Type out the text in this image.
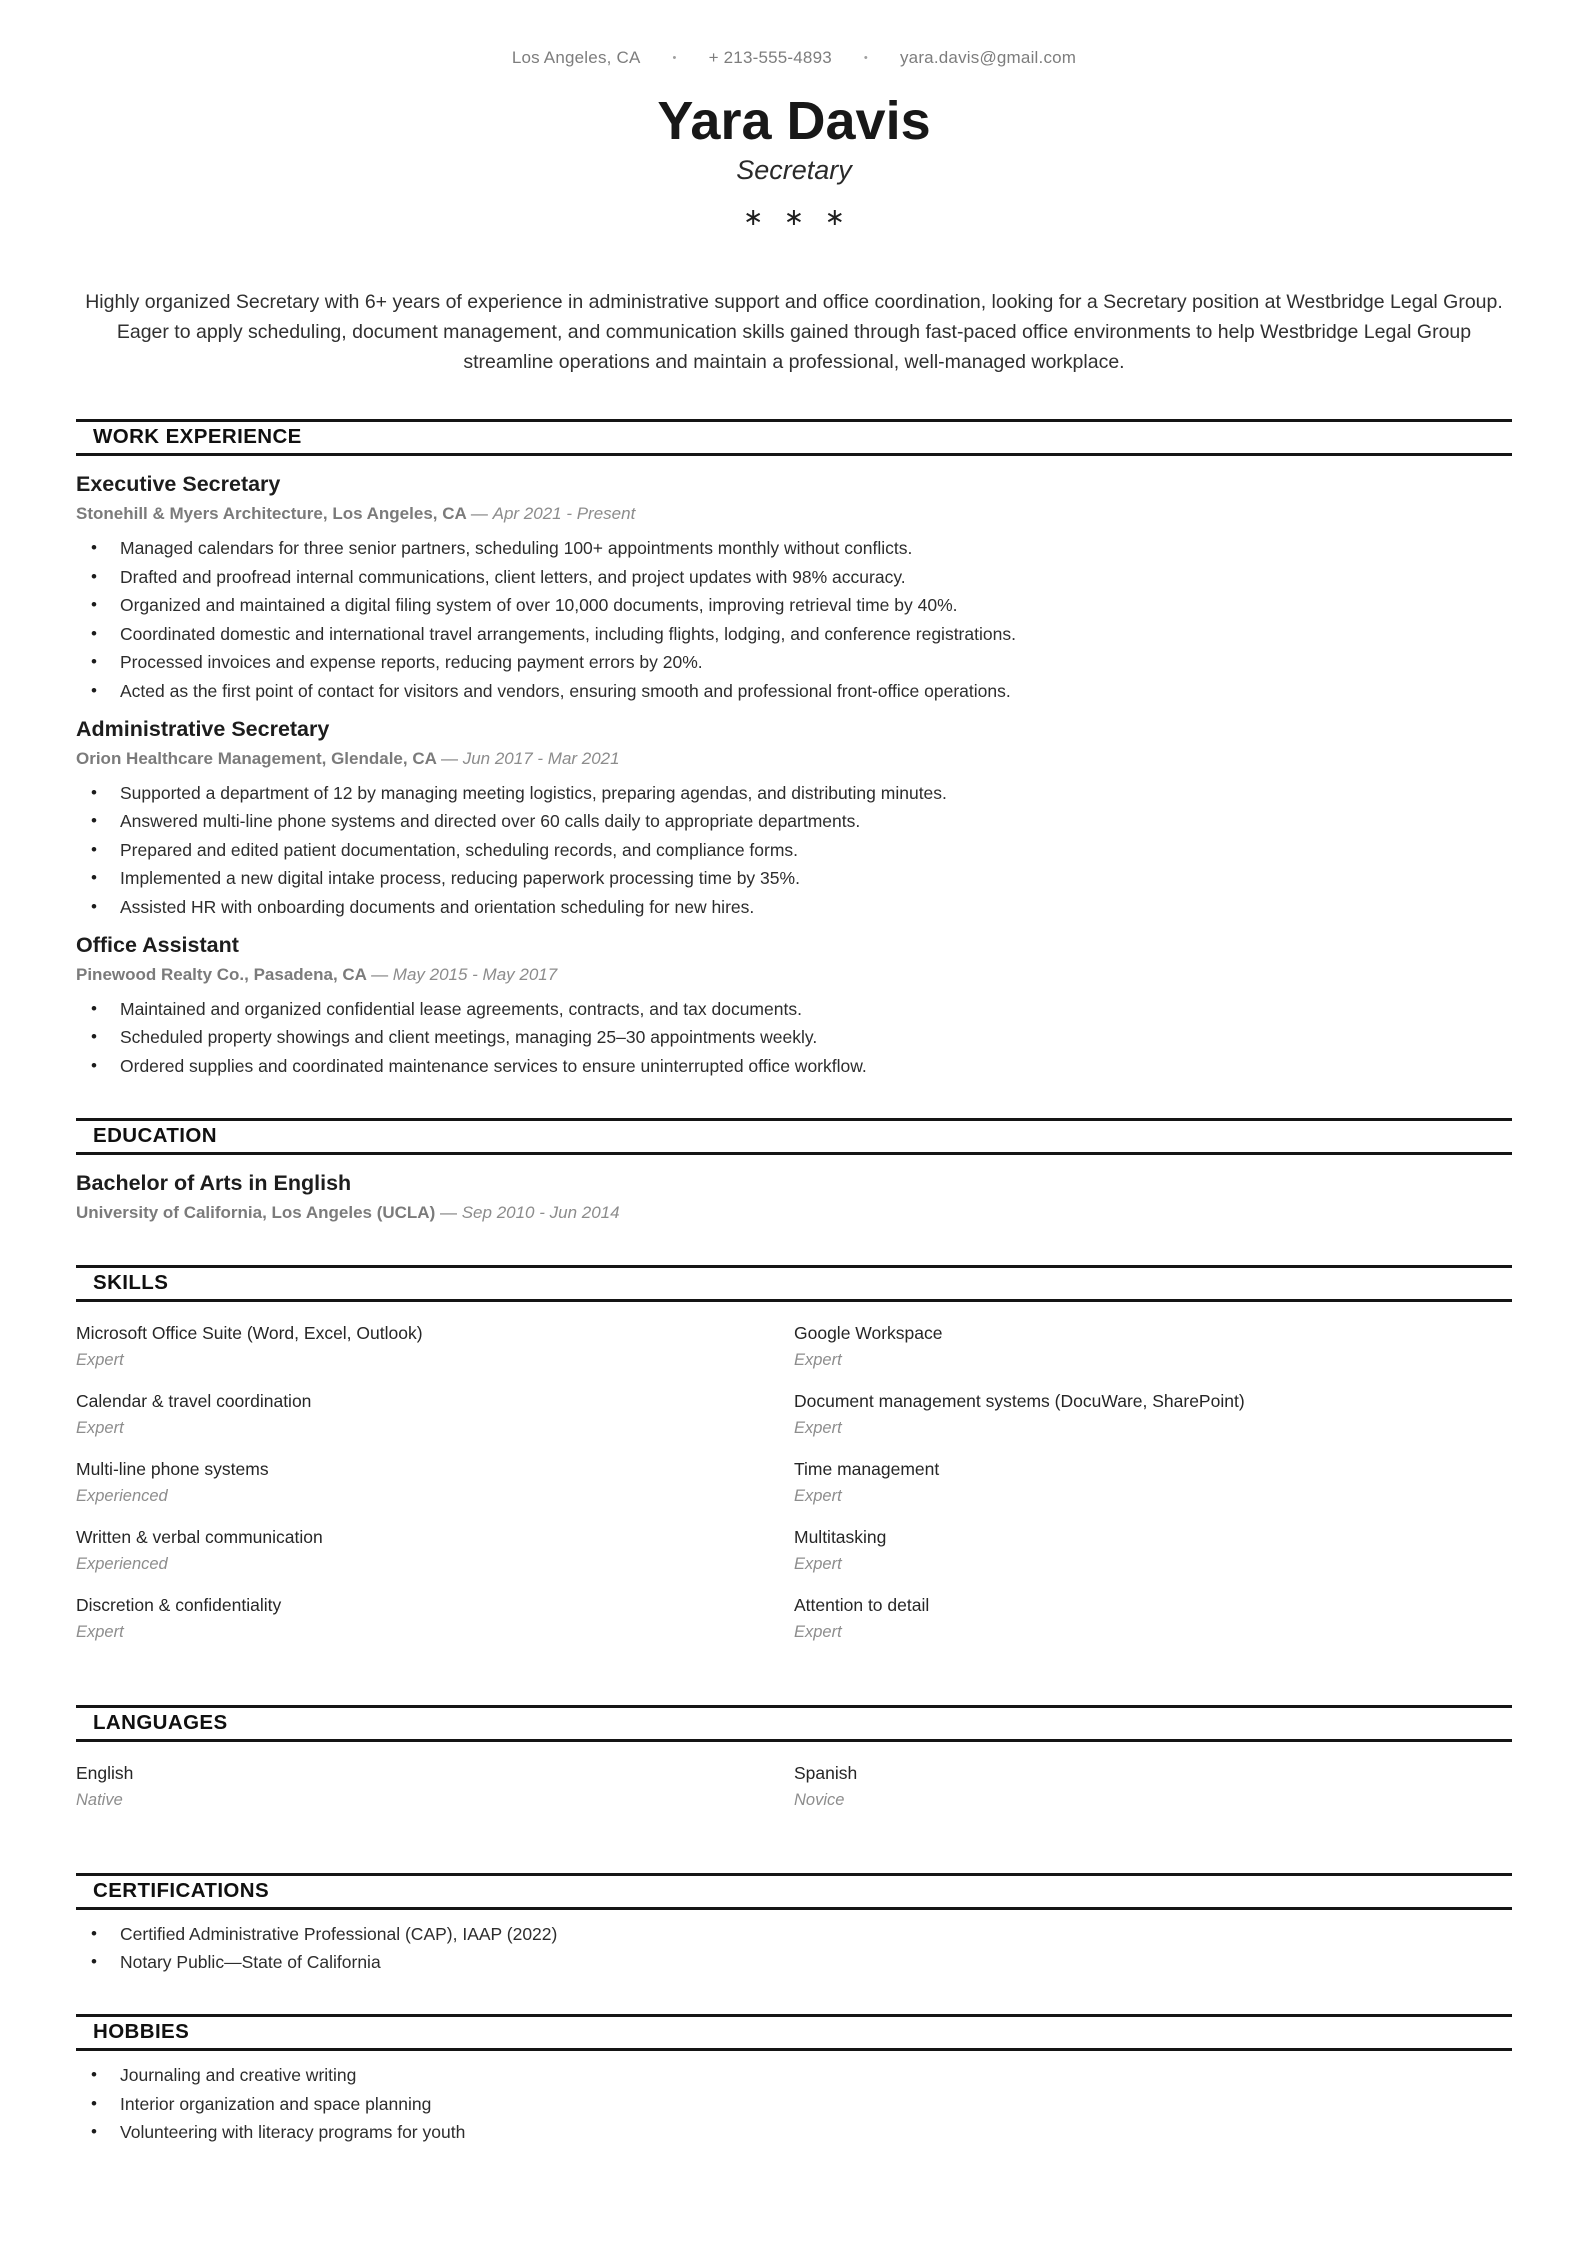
Los Angeles, CA	• + 213-555-4893	• yara.davis@gmail.com
Yara Davis
Secretary
∗ ∗ ∗

Highly organized Secretary with 6+ years of experience in administrative support and office coordination, looking for a Secretary position at Westbridge Legal Group. Eager to apply scheduling, document management, and communication skills gained through fast-paced office environments to help Westbridge Legal Group streamline operations and maintain a professional, well-managed workplace.

WORK EXPERIENCE
Executive Secretary
Stonehill & Myers Architecture, Los Angeles, CA — Apr 2021 - Present
• Managed calendars for three senior partners, scheduling 100+ appointments monthly without conflicts.
• Drafted and proofread internal communications, client letters, and project updates with 98% accuracy.
• Organized and maintained a digital filing system of over 10,000 documents, improving retrieval time by 40%.
• Coordinated domestic and international travel arrangements, including flights, lodging, and conference registrations.
• Processed invoices and expense reports, reducing payment errors by 20%.
• Acted as the first point of contact for visitors and vendors, ensuring smooth and professional front-office operations.
Administrative Secretary
Orion Healthcare Management, Glendale, CA — Jun 2017 - Mar 2021
• Supported a department of 12 by managing meeting logistics, preparing agendas, and distributing minutes.
• Answered multi-line phone systems and directed over 60 calls daily to appropriate departments.
• Prepared and edited patient documentation, scheduling records, and compliance forms.
• Implemented a new digital intake process, reducing paperwork processing time by 35%.
• Assisted HR with onboarding documents and orientation scheduling for new hires.
Office Assistant
Pinewood Realty Co., Pasadena, CA — May 2015 - May 2017
• Maintained and organized confidential lease agreements, contracts, and tax documents.
• Scheduled property showings and client meetings, managing 25–30 appointments weekly.
• Ordered supplies and coordinated maintenance services to ensure uninterrupted office workflow.
EDUCATION
Bachelor of Arts in English
University of California, Los Angeles (UCLA) — Sep 2010 - Jun 2014
SKILLS
Microsoft Office Suite (Word, Excel, Outlook)
Expert
Google Workspace
Expert
Calendar & travel coordination
Expert
Document management systems (DocuWare, SharePoint)
Expert
Multi-line phone systems
Experienced
Time management
Expert
Written & verbal communication
Experienced
Multitasking
Expert
Discretion & confidentiality
Expert
Attention to detail
Expert
LANGUAGES
English
Native
Spanish
Novice
CERTIFICATIONS
• Certified Administrative Professional (CAP), IAAP (2022)
• Notary Public—State of California
HOBBIES
• Journaling and creative writing
• Interior organization and space planning
• Volunteering with literacy programs for youth
